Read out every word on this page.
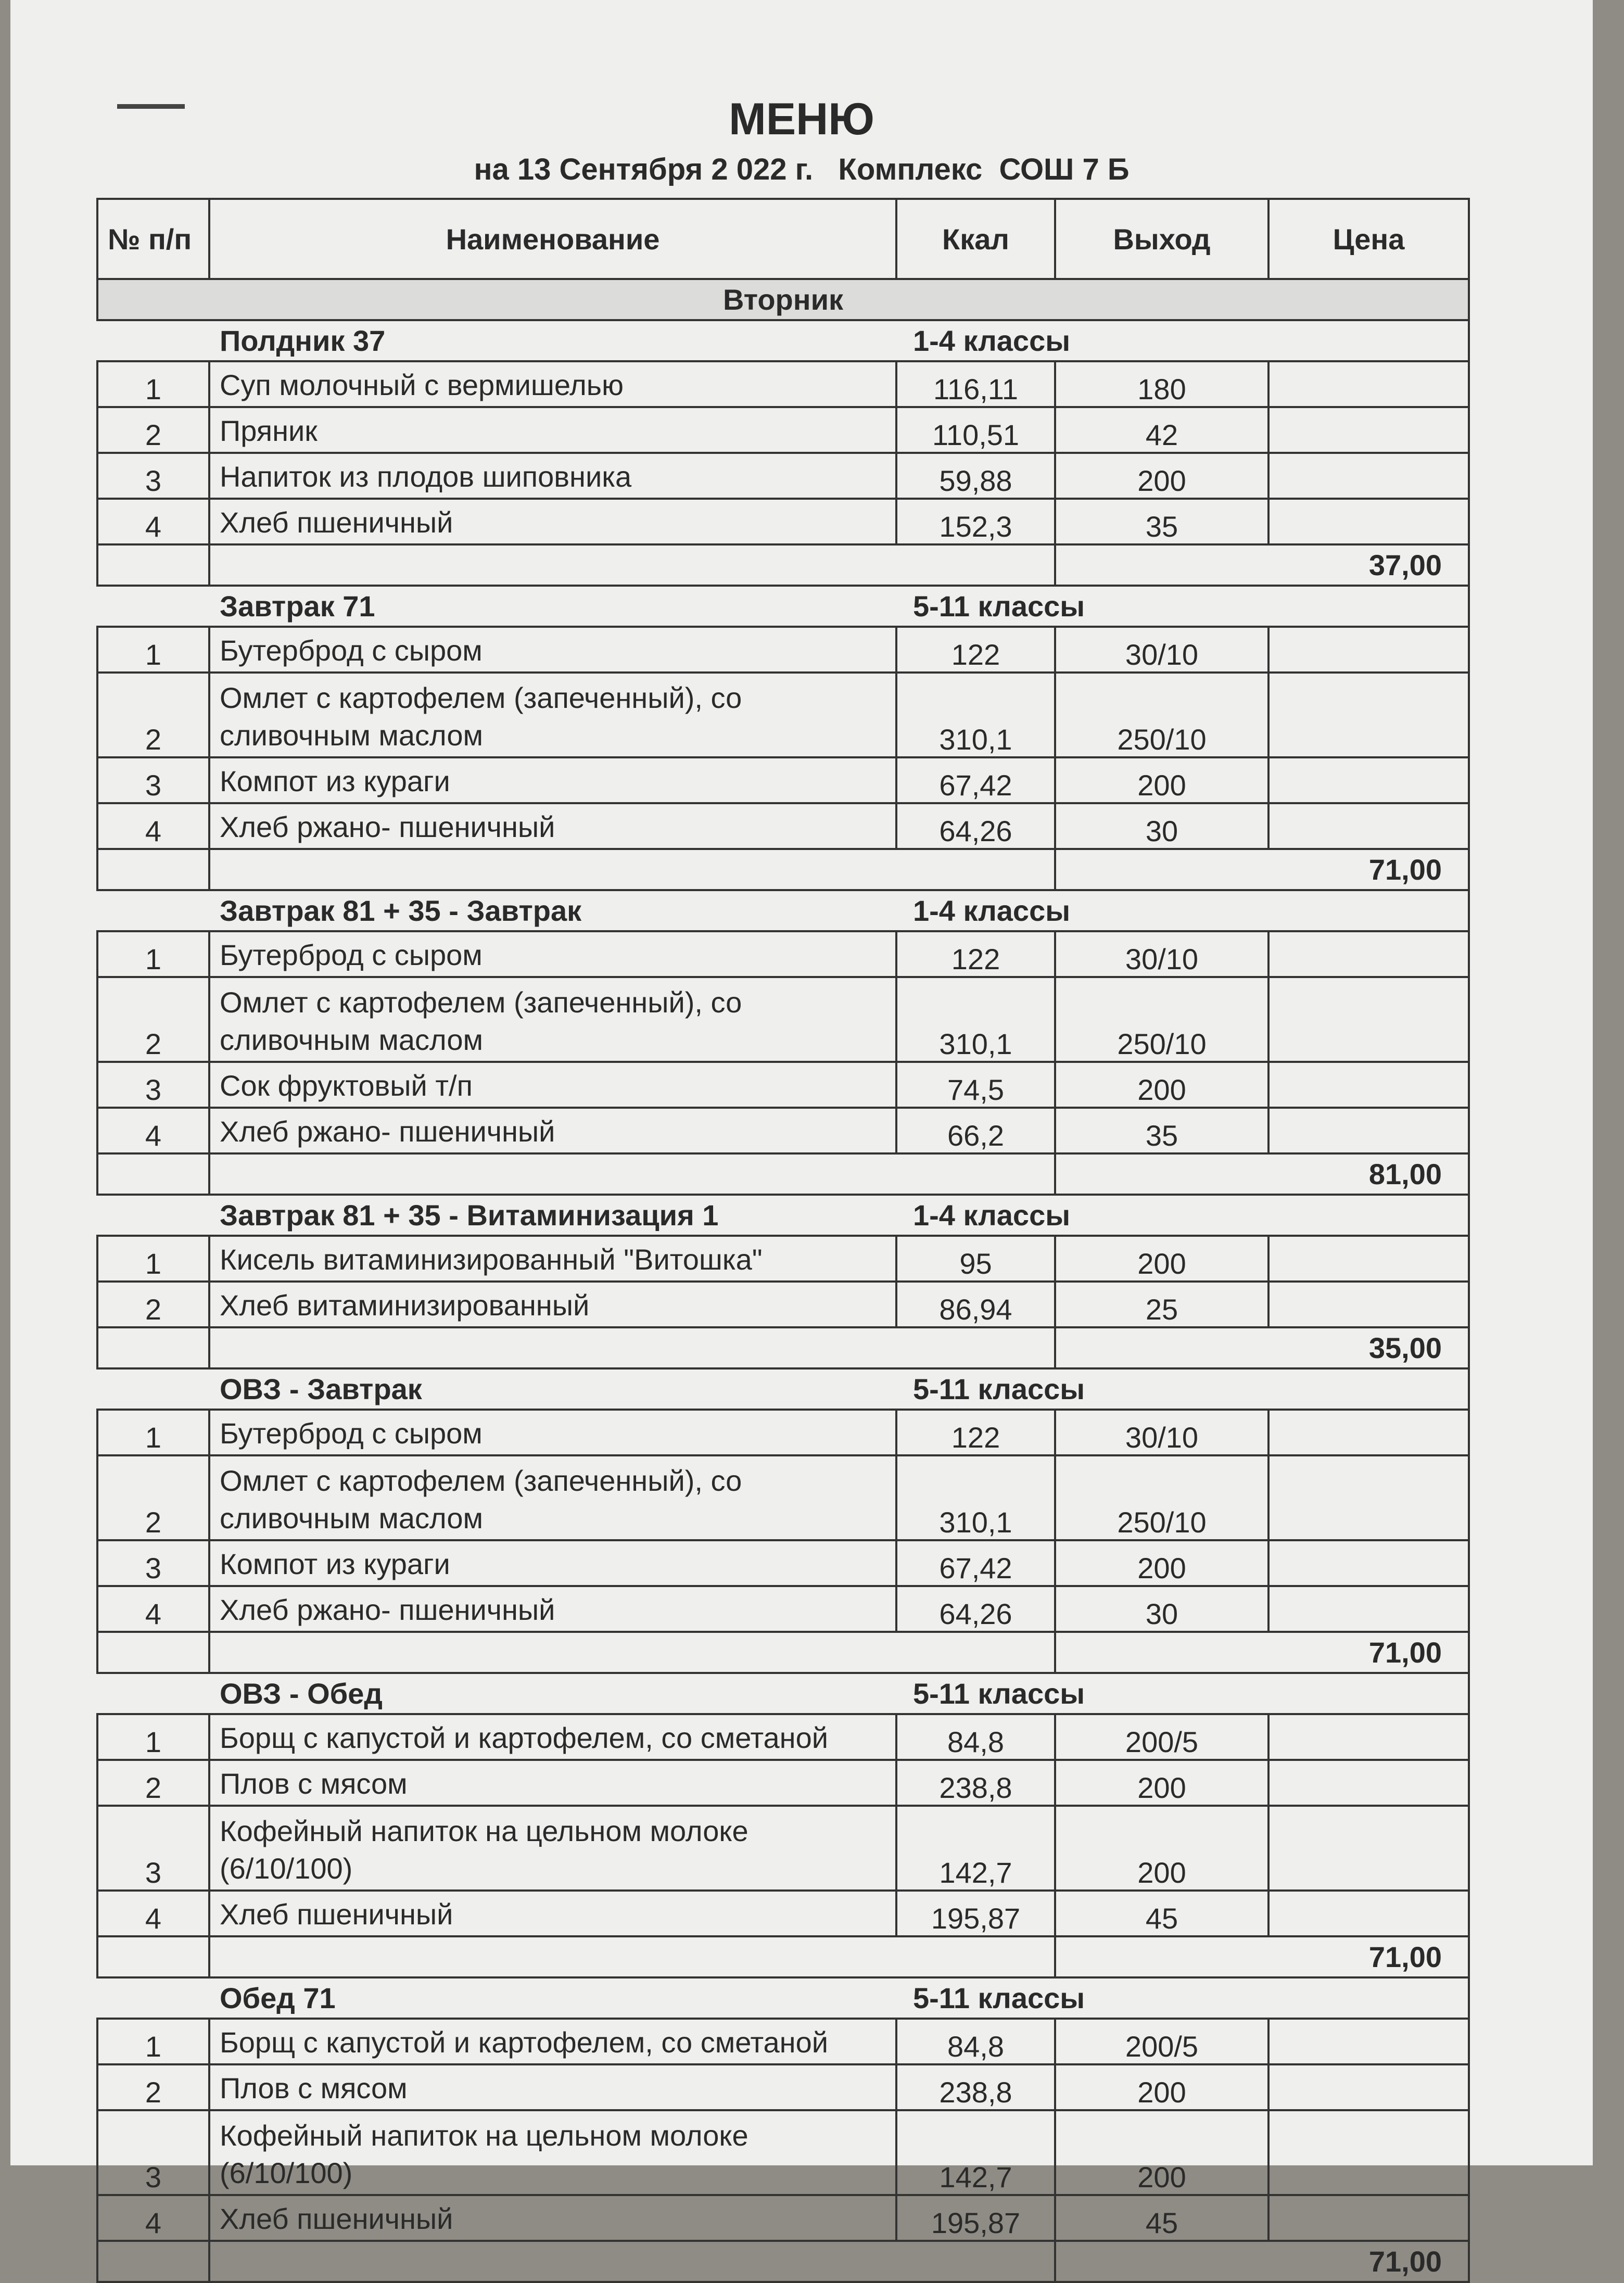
МЕНЮ
на 13 Сентября 2 022 г.   Комплекс  СОШ 7 Б
№ п/п	Наименование	Ккал	Выход	Цена
Вторник				
	Полдник 37	1-4 классы		
1	Суп молочный с вермишелью	116,11	180	
2	Пряник	110,51	42	
3	Напиток из плодов шиповника	59,88	200	
4	Хлеб пшеничный	152,3	35	
			37,00	
	Завтрак 71	5-11 классы		
1	Бутерброд с сыром	122	30/10	
2	Омлет с картофелем (запеченный), со сливочным маслом	310,1	250/10	
3	Компот из кураги	67,42	200	
4	Хлеб ржано- пшеничный	64,26	30	
			71,00	
	Завтрак 81 + 35 - Завтрак	1-4 классы		
1	Бутерброд с сыром	122	30/10	
2	Омлет с картофелем (запеченный), со сливочным маслом	310,1	250/10	
3	Сок фруктовый т/п	74,5	200	
4	Хлеб ржано- пшеничный	66,2	35	
			81,00	
	Завтрак 81 + 35 - Витаминизация 1	1-4 классы		
1	Кисель витаминизированный "Витошка"	95	200	
2	Хлеб витаминизированный	86,94	25	
			35,00	
	ОВЗ - Завтрак	5-11 классы		
1	Бутерброд с сыром	122	30/10	
2	Омлет с картофелем (запеченный), со сливочным маслом	310,1	250/10	
3	Компот из кураги	67,42	200	
4	Хлеб ржано- пшеничный	64,26	30	
			71,00	
	ОВЗ - Обед	5-11 классы		
1	Борщ с капустой и картофелем, со сметаной	84,8	200/5	
2	Плов с мясом	238,8	200	
3	Кофейный напиток на цельном молоке (6/10/100)	142,7	200	
4	Хлеб пшеничный	195,87	45	
			71,00	
	Обед 71	5-11 классы		
1	Борщ с капустой и картофелем, со сметаной	84,8	200/5	
2	Плов с мясом	238,8	200	
3	Кофейный напиток на цельном молоке (6/10/100)	142,7	200	
4	Хлеб пшеничный	195,87	45	
			71,00	
